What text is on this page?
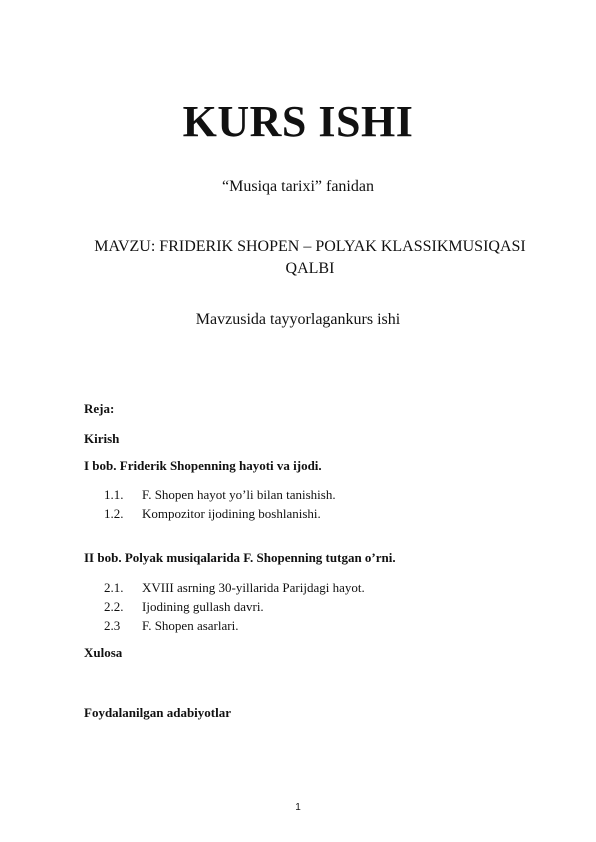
KURS ISHI
“Musiqa tarixi” fanidan
MAVZU: FRIDERIK SHOPEN – POLYAK KLASSIKMUSIQASI QALBI
Mavzusida tayyorlagankurs ishi
Reja:
Kirish
I bob. Friderik Shopenning hayoti va ijodi.
1.1. F. Shopen hayot yo’li bilan tanishish.
1.2. Kompozitor ijodining boshlanishi.
II bob. Polyak musiqalarida F. Shopenning tutgan o’rni.
2.1. XVIII asrning 30-yillarida Parijdagi hayot.
2.2. Ijodining gullash davri.
2.3 F. Shopen asarlari.
Xulosa
Foydalanilgan adabiyotlar
1
